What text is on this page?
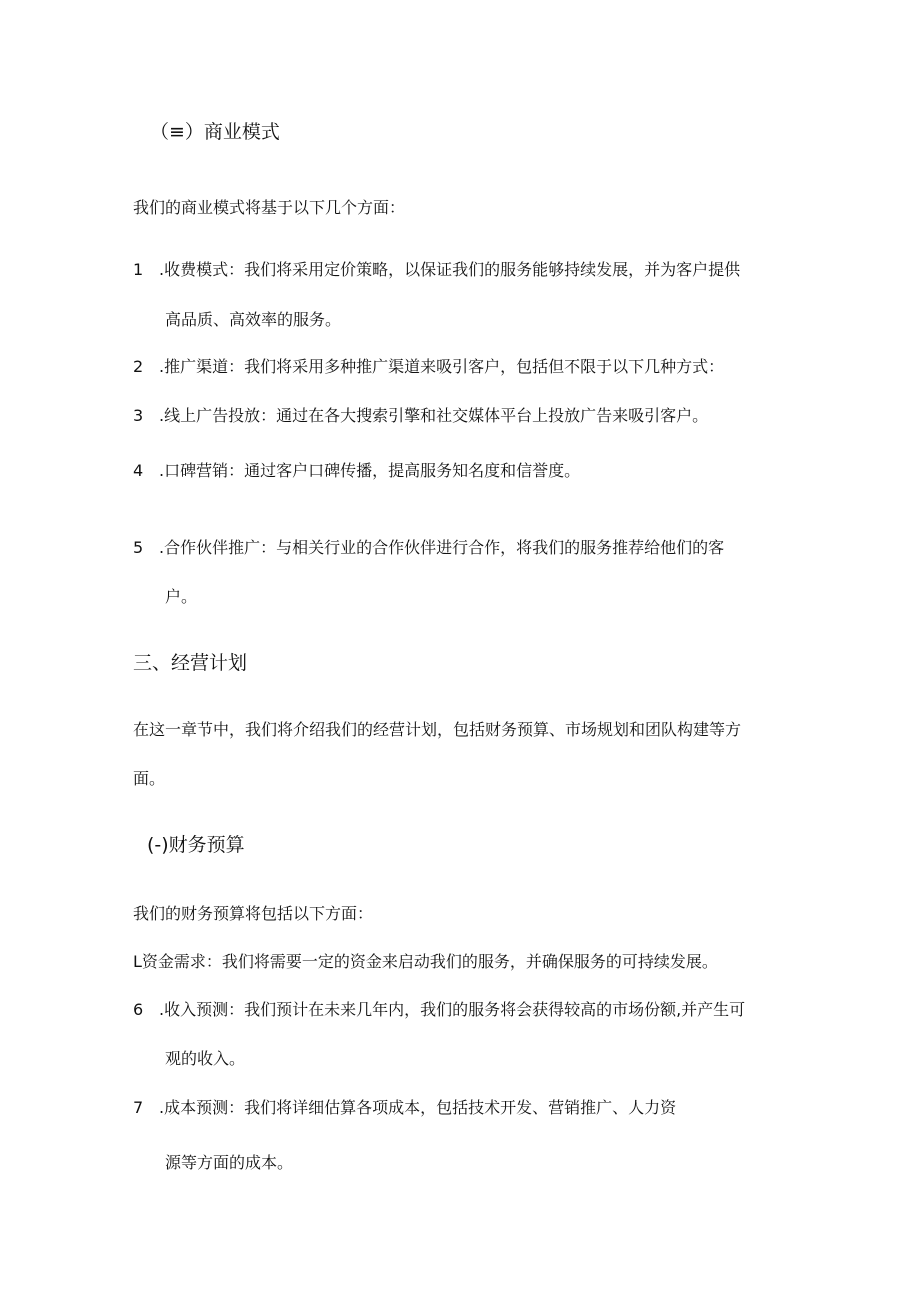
（≡）商业模式
我们的商业模式将基于以下几个方面：
1 .收费模式：我们将采用定价策略，以保证我们的服务能够持续发展，并为客户提供
高品质、高效率的服务。
2 .推广渠道：我们将采用多种推广渠道来吸引客户，包括但不限于以下几种方式：
3 .线上广告投放：通过在各大搜索引擎和社交媒体平台上投放广告来吸引客户。
4 .口碑营销：通过客户口碑传播，提高服务知名度和信誉度。
5 .合作伙伴推广：与相关行业的合作伙伴进行合作，将我们的服务推荐给他们的客
户。
三、经营计划
在这一章节中，我们将介绍我们的经营计划，包括财务预算、市场规划和团队构建等方
面。
(-)财务预算
我们的财务预算将包括以下方面：
L资金需求：我们将需要一定的资金来启动我们的服务，并确保服务的可持续发展。
6 .收入预测：我们预计在未来几年内，我们的服务将会获得较高的市场份额,并产生可
观的收入。
7 .成本预测：我们将详细估算各项成本，包括技术开发、营销推广、人力资
源等方面的成本。
